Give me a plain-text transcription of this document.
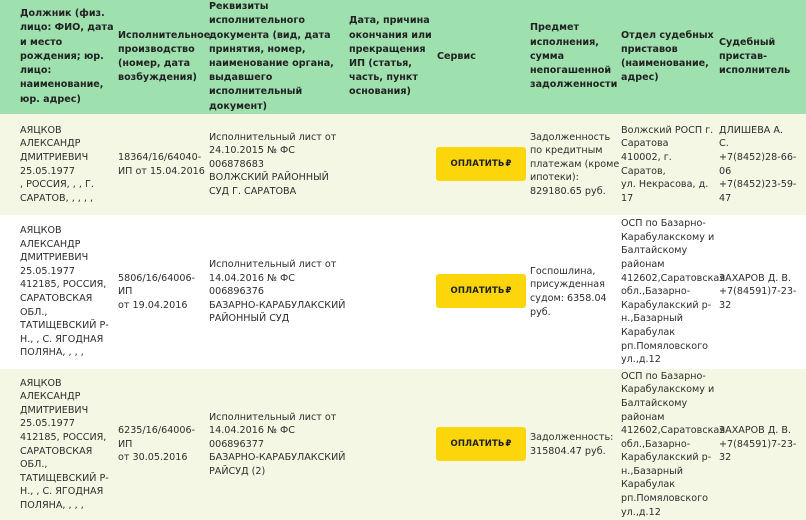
Должник (физ.
лицо: ФИО, дата
и место
рождения; юр.
лицо:
наименование,
юр. адрес)
Исполнительное
производство
(номер, дата
возбуждения)
Реквизиты
исполнительного
документа (вид, дата
принятия, номер,
наименование органа,
выдавшего
исполнительный
документ)
Дата, причина
окончания или
прекращения
ИП (статья,
часть, пункт
основания)
Сервис
Предмет
исполнения,
сумма
непогашенной
задолженности
Отдел судебных
приставов
(наименование,
адрес)
Судебный
пристав-исполнитель
АЯЦКОВ
АЛЕКСАНДР
ДМИТРИЕВИЧ
25.05.1977
, РОССИЯ, , , Г.
САРАТОВ, , , , ,
18364/16/64040-
ИП от 15.04.2016
Исполнительный лист от
24.10.2015 № ФС 006878683
ВОЛЖСКИЙ РАЙОННЫЙ
СУД Г. САРАТОВА
ОПЛАТИТЬ ₽
Задолженность
по кредитным
платежам (кроме
ипотеки):
829180.65 руб.
Волжский РОСП г.
Саратова
410002, г. Саратов,
ул. Некрасова, д. 17
ДЛИШЕВА А.
С.
+7(8452)28-66-
06
+7(8452)23-59-
47
АЯЦКОВ
АЛЕКСАНДР
ДМИТРИЕВИЧ
25.05.1977
412185, РОССИЯ,
САРАТОВСКАЯ
ОБЛ.,
ТАТИЩЕВСКИЙ Р-
Н., , С. ЯГОДНАЯ
ПОЛЯНА, , , ,
5806/16/64006-ИП
от 19.04.2016
Исполнительный лист от
14.04.2016 № ФС 006896376
БАЗАРНО-КАРАБУЛАКСКИЙ
РАЙОННЫЙ СУД
ОПЛАТИТЬ ₽
Госпошлина,
присужденная
судом: 6358.04
руб.
ОСП по Базарно-
Карабулакскому и
Балтайскому
районам
412602,Саратовская
обл.,Базарно-
Карабулакский р-
н.,Базарный
Карабулак
рп.Помяловского
ул.,д.12
ЗАХАРОВ Д. В.
+7(84591)7-23-
32
АЯЦКОВ
АЛЕКСАНДР
ДМИТРИЕВИЧ
25.05.1977
412185, РОССИЯ,
САРАТОВСКАЯ
ОБЛ.,
ТАТИЩЕВСКИЙ Р-
Н., , С. ЯГОДНАЯ
ПОЛЯНА, , , ,
6235/16/64006-ИП
от 30.05.2016
Исполнительный лист от
14.04.2016 № ФС 006896377
БАЗАРНО-КАРАБУЛАКСКИЙ
РАЙСУД (2)
ОПЛАТИТЬ ₽
Задолженность:
315804.47 руб.
ОСП по Базарно-
Карабулакскому и
Балтайскому
районам
412602,Саратовская
обл.,Базарно-
Карабулакский р-
н.,Базарный
Карабулак
рп.Помяловского
ул.,д.12
ЗАХАРОВ Д. В.
+7(84591)7-23-
32
